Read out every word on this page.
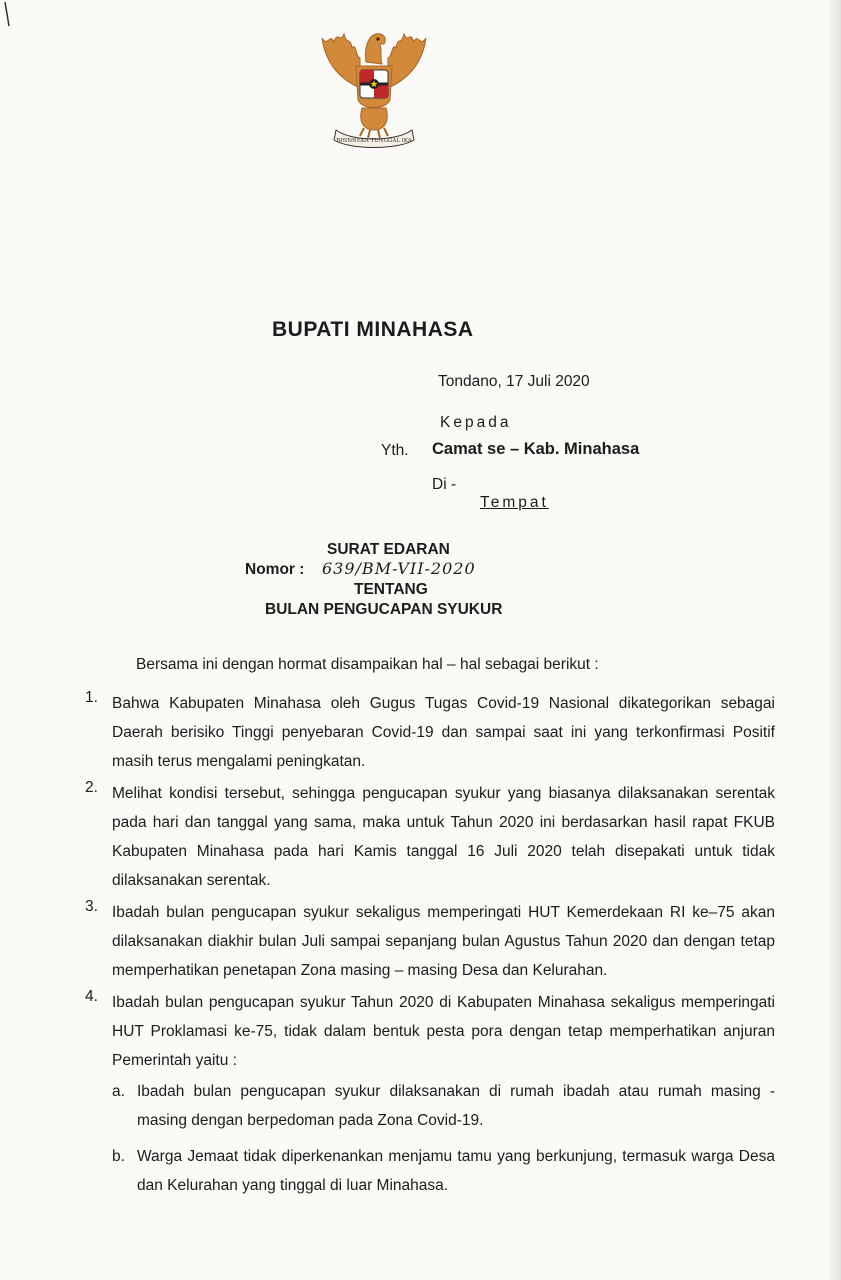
BHINNEKA TUNGGAL IKA
BUPATI MINAHASA
Tondano, 17 Juli 2020
Kepada
Yth. Camat se – Kab. Minahasa
Di -
Tempat
SURAT EDARAN
Nomor : 639/BM-VII-2020
TENTANG
BULAN PENGUCAPAN SYUKUR
Bersama ini dengan hormat disampaikan hal – hal sebagai berikut :
1. Bahwa Kabupaten Minahasa oleh Gugus Tugas Covid-19 Nasional dikategorikan sebagai Daerah berisiko Tinggi penyebaran Covid-19 dan sampai saat ini yang terkonfirmasi Positif masih terus mengalami peningkatan.
2. Melihat kondisi tersebut, sehingga pengucapan syukur yang biasanya dilaksanakan serentak pada hari dan tanggal yang sama, maka untuk Tahun 2020 ini berdasarkan hasil rapat FKUB Kabupaten Minahasa pada hari Kamis tanggal 16 Juli 2020 telah disepakati untuk tidak dilaksanakan serentak.
3. Ibadah bulan pengucapan syukur sekaligus memperingati HUT Kemerdekaan RI ke–75 akan dilaksanakan diakhir bulan Juli sampai sepanjang bulan Agustus Tahun 2020 dan dengan tetap memperhatikan penetapan Zona masing – masing Desa dan Kelurahan.
4. Ibadah bulan pengucapan syukur Tahun 2020 di Kabupaten Minahasa sekaligus memperingati HUT Proklamasi ke-75, tidak dalam bentuk pesta pora dengan tetap memperhatikan anjuran Pemerintah yaitu :
a. Ibadah bulan pengucapan syukur dilaksanakan di rumah ibadah atau rumah masing - masing dengan berpedoman pada Zona Covid-19.
b. Warga Jemaat tidak diperkenankan menjamu tamu yang berkunjung, termasuk warga Desa dan Kelurahan yang tinggal di luar Minahasa.
